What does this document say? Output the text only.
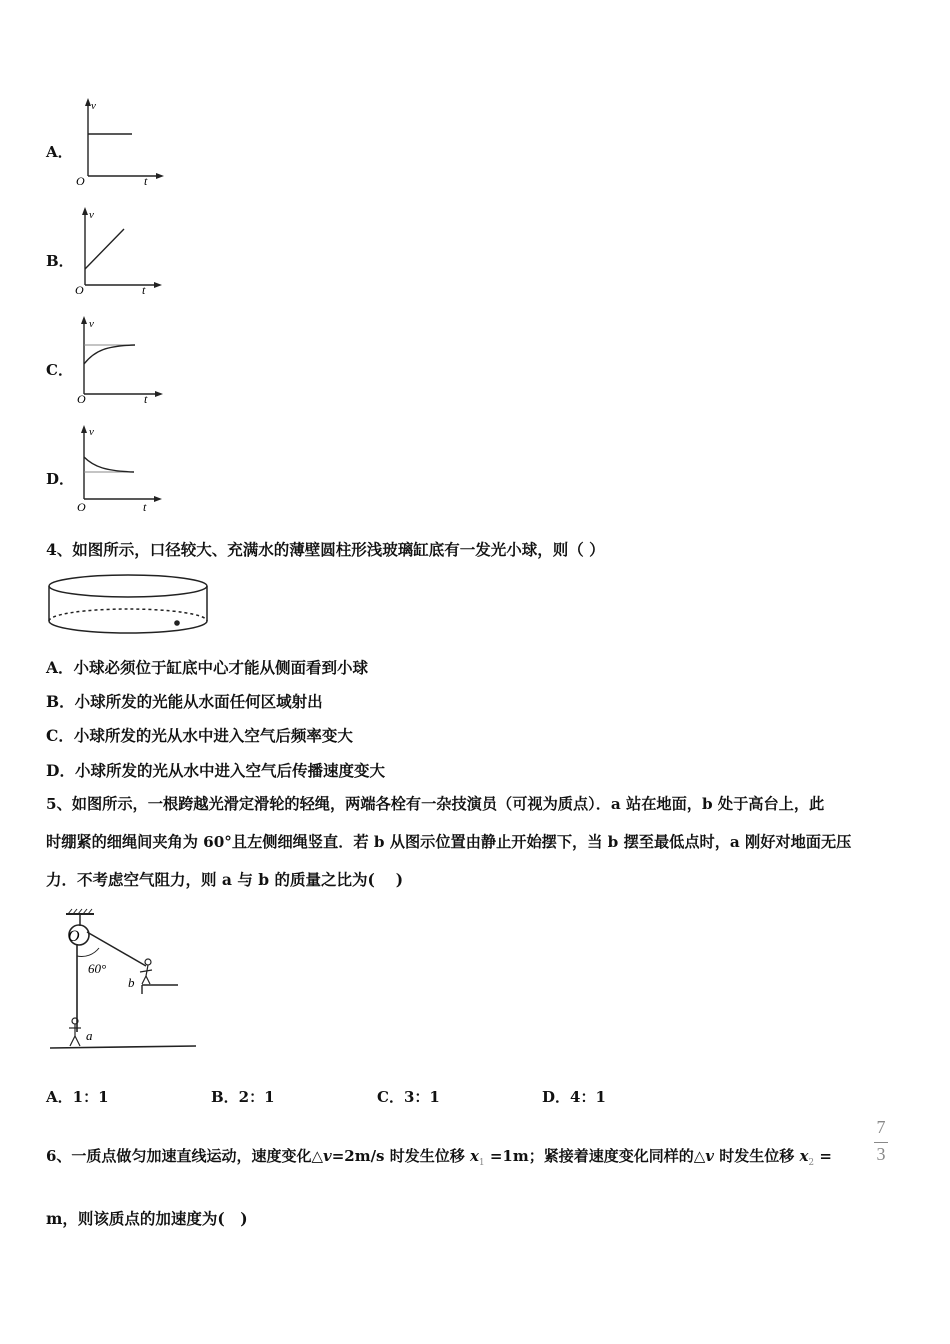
A．
v
O	t
B．
v
O	t
C．
v
O	t
D．
v
O	t
4、如图所示，口径较大、充满水的薄壁圆柱形浅玻璃缸底有一发光小球，则（ ）
A．小球必须位于缸底中心才能从侧面看到小球
B．小球所发的光能从水面任何区域射出
C．小球所发的光从水中进入空气后频率变大
D．小球所发的光从水中进入空气后传播速度变大
5、如图所示，一根跨越光滑定滑轮的轻绳，两端各栓有一杂技演员（可视为质点）．a 站在地面，b 处于高台上，此
时绷紧的细绳间夹角为 60°且左侧细绳竖直．若 b 从图示位置由静止开始摆下，当 b 摆至最低点时，a 刚好对地面无压
力．不考虑空气阻力，则 a 与 b 的质量之比为(　 )
O
60°
b
a
A．1：1	B．2：1	C．3：1	D．4：1
6、一质点做匀加速直线运动，速度变化△v=2m/s 时发生位移 $x_1 =1m$；紧接着速度变化同样的△v 时发生位移 $x_2$ =
7
3
m，则该质点的加速度为(　)
